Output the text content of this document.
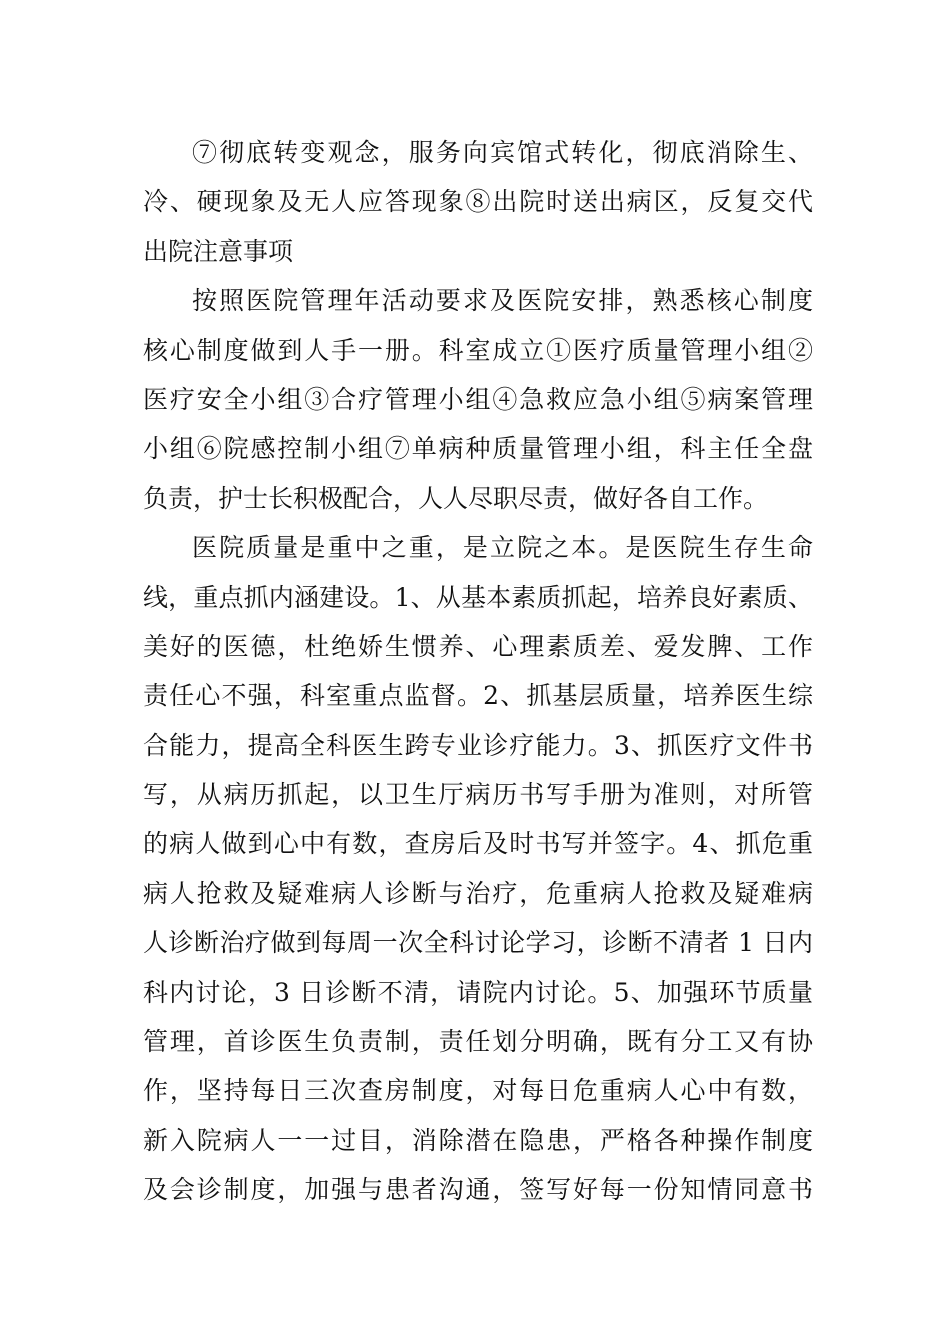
⑦彻底转变观念，服务向宾馆式转化，彻底消除生、
冷、硬现象及无人应答现象⑧出院时送出病区，反复交代
出院注意事项
按照医院管理年活动要求及医院安排，熟悉核心制度
核心制度做到人手一册。科室成立①医疗质量管理小组②
医疗安全小组③合疗管理小组④急救应急小组⑤病案管理
小组⑥院感控制小组⑦单病种质量管理小组，科主任全盘
负责，护士长积极配合，人人尽职尽责，做好各自工作。
医院质量是重中之重，是立院之本。是医院生存生命
线，重点抓内涵建设。1、从基本素质抓起，培养良好素质、
美好的医德，杜绝娇生惯养、心理素质差、爱发脾、工作
责任心不强，科室重点监督。2、抓基层质量，培养医生综
合能力，提高全科医生跨专业诊疗能力。3、抓医疗文件书
写，从病历抓起，以卫生厅病历书写手册为准则，对所管
的病人做到心中有数，查房后及时书写并签字。4、抓危重
病人抢救及疑难病人诊断与治疗，危重病人抢救及疑难病
人诊断治疗做到每周一次全科讨论学习，诊断不清者 1 日内
科内讨论，3 日诊断不清，请院内讨论。5、加强环节质量
管理，首诊医生负责制，责任划分明确，既有分工又有协
作，坚持每日三次查房制度，对每日危重病人心中有数，
新入院病人一一过目，消除潜在隐患，严格各种操作制度
及会诊制度，加强与患者沟通，签写好每一份知情同意书
